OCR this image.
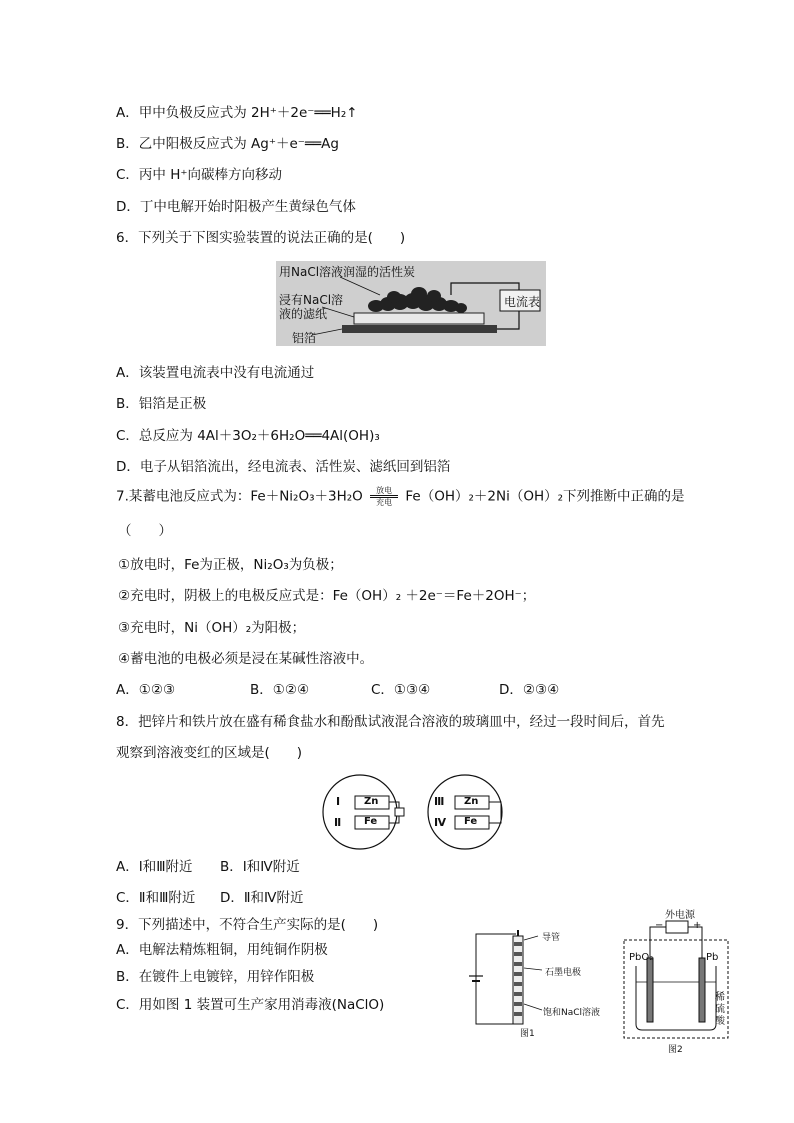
A．甲中负极反应式为 2H⁺＋2e⁻══H₂↑
B．乙中阳极反应式为 Ag⁺＋e⁻══Ag
C．丙中 H⁺向碳棒方向移动
D．丁中电解开始时阳极产生黄绿色气体
6．下列关于下图实验装置的说法正确的是(　　)
用NaCl溶液润湿的活性炭
浸有NaCl溶
液的滤纸
铝箔
电流表
A．该装置电流表中没有电流通过
B．铝箔是正极
C．总反应为 4Al＋3O₂＋6H₂O══4Al(OH)₃
D．电子从铝箔流出，经电流表、活性炭、滤纸回到铝箔
7.某蓄电池反应式为：Fe＋Ni₂O₃＋3H₂O	放电
充电 Fe（OH）₂＋2Ni（OH）₂下列推断中正确的是
（　　）
①放电时，Fe为正极，Ni₂O₃为负极；
②充电时，阴极上的电极反应式是：Fe（OH）₂ ＋2e⁻＝Fe＋2OH⁻；
③充电时，Ni（OH）₂为阳极；
④蓄电池的电极必须是浸在某碱性溶液中。
A．①②③	B．①②④	C．①③④	D．②③④
8．把锌片和铁片放在盛有稀食盐水和酚酞试液混合溶液的玻璃皿中，经过一段时间后，首先
观察到溶液变红的区域是(　　)
Ⅰ
Ⅱ
Ⅲ
Ⅳ
Zn
Fe
Zn
Fe
A．Ⅰ和Ⅲ附近 B．Ⅰ和Ⅳ附近
C．Ⅱ和Ⅲ附近 D．Ⅱ和Ⅳ附近
9．下列描述中，不符合生产实际的是(　　)
A．电解法精炼粗铜，用纯铜作阴极
B．在镀件上电镀锌，用锌作阳极
C．用如图 1 装置可生产家用消毒液(NaClO)
导管
石墨电极
饱和NaCl溶液
图1
外电源
−	+
PbO₂	Pb
稀
硫
酸
图2
